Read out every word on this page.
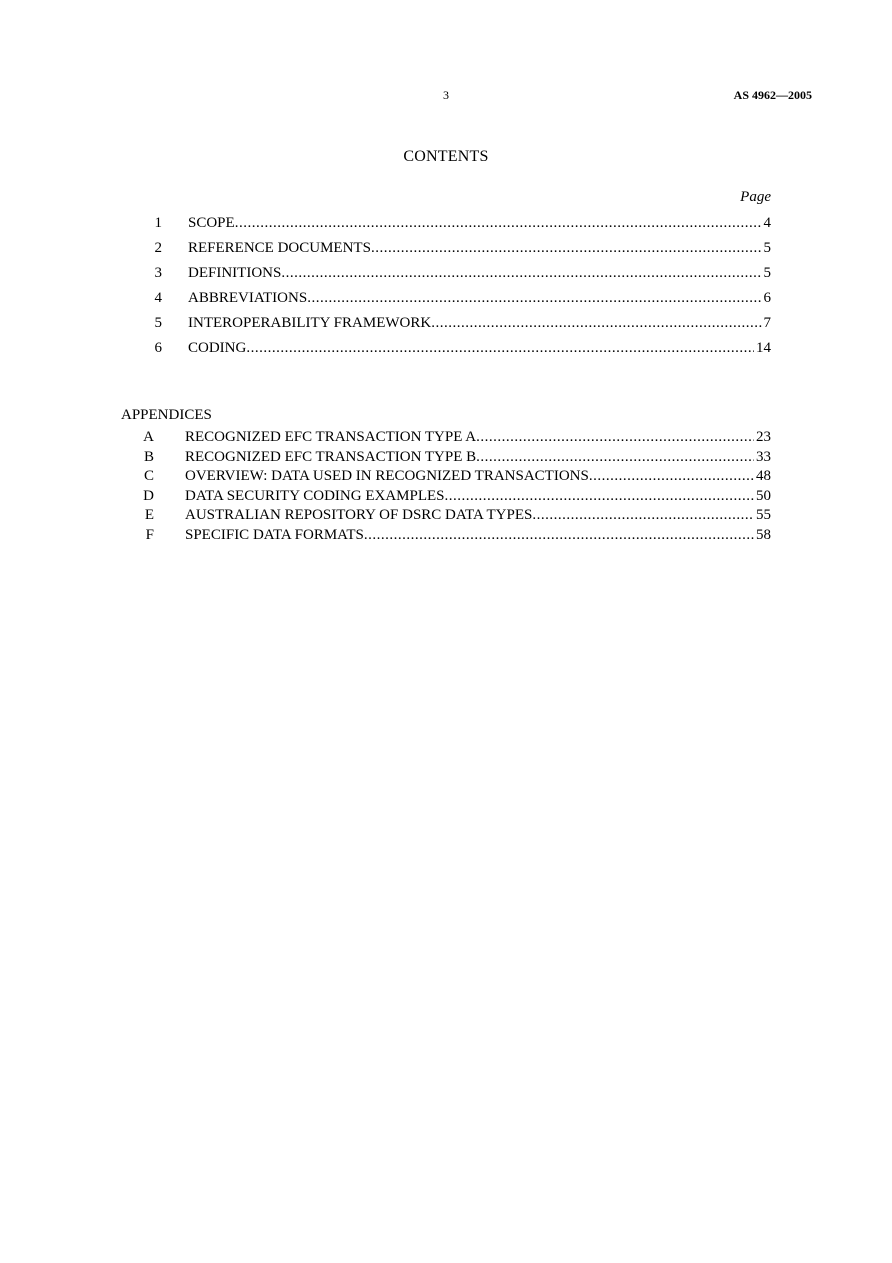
3	AS 4962—2005
CONTENTS
Page
1 SCOPE .....	4
2 REFERENCE DOCUMENTS .....	5
3 DEFINITIONS .....	5
4 ABBREVIATIONS .....	6
5 INTEROPERABILITY FRAMEWORK .....	7
6 CODING .....	14
APPENDICES
A RECOGNIZED EFC TRANSACTION TYPE A .....	23
B RECOGNIZED EFC TRANSACTION TYPE B .....	33
C OVERVIEW: DATA USED IN RECOGNIZED TRANSACTIONS .....	48
D DATA SECURITY CODING EXAMPLES .....	50
E AUSTRALIAN REPOSITORY OF DSRC DATA TYPES .....	55
F SPECIFIC DATA FORMATS .....	58
